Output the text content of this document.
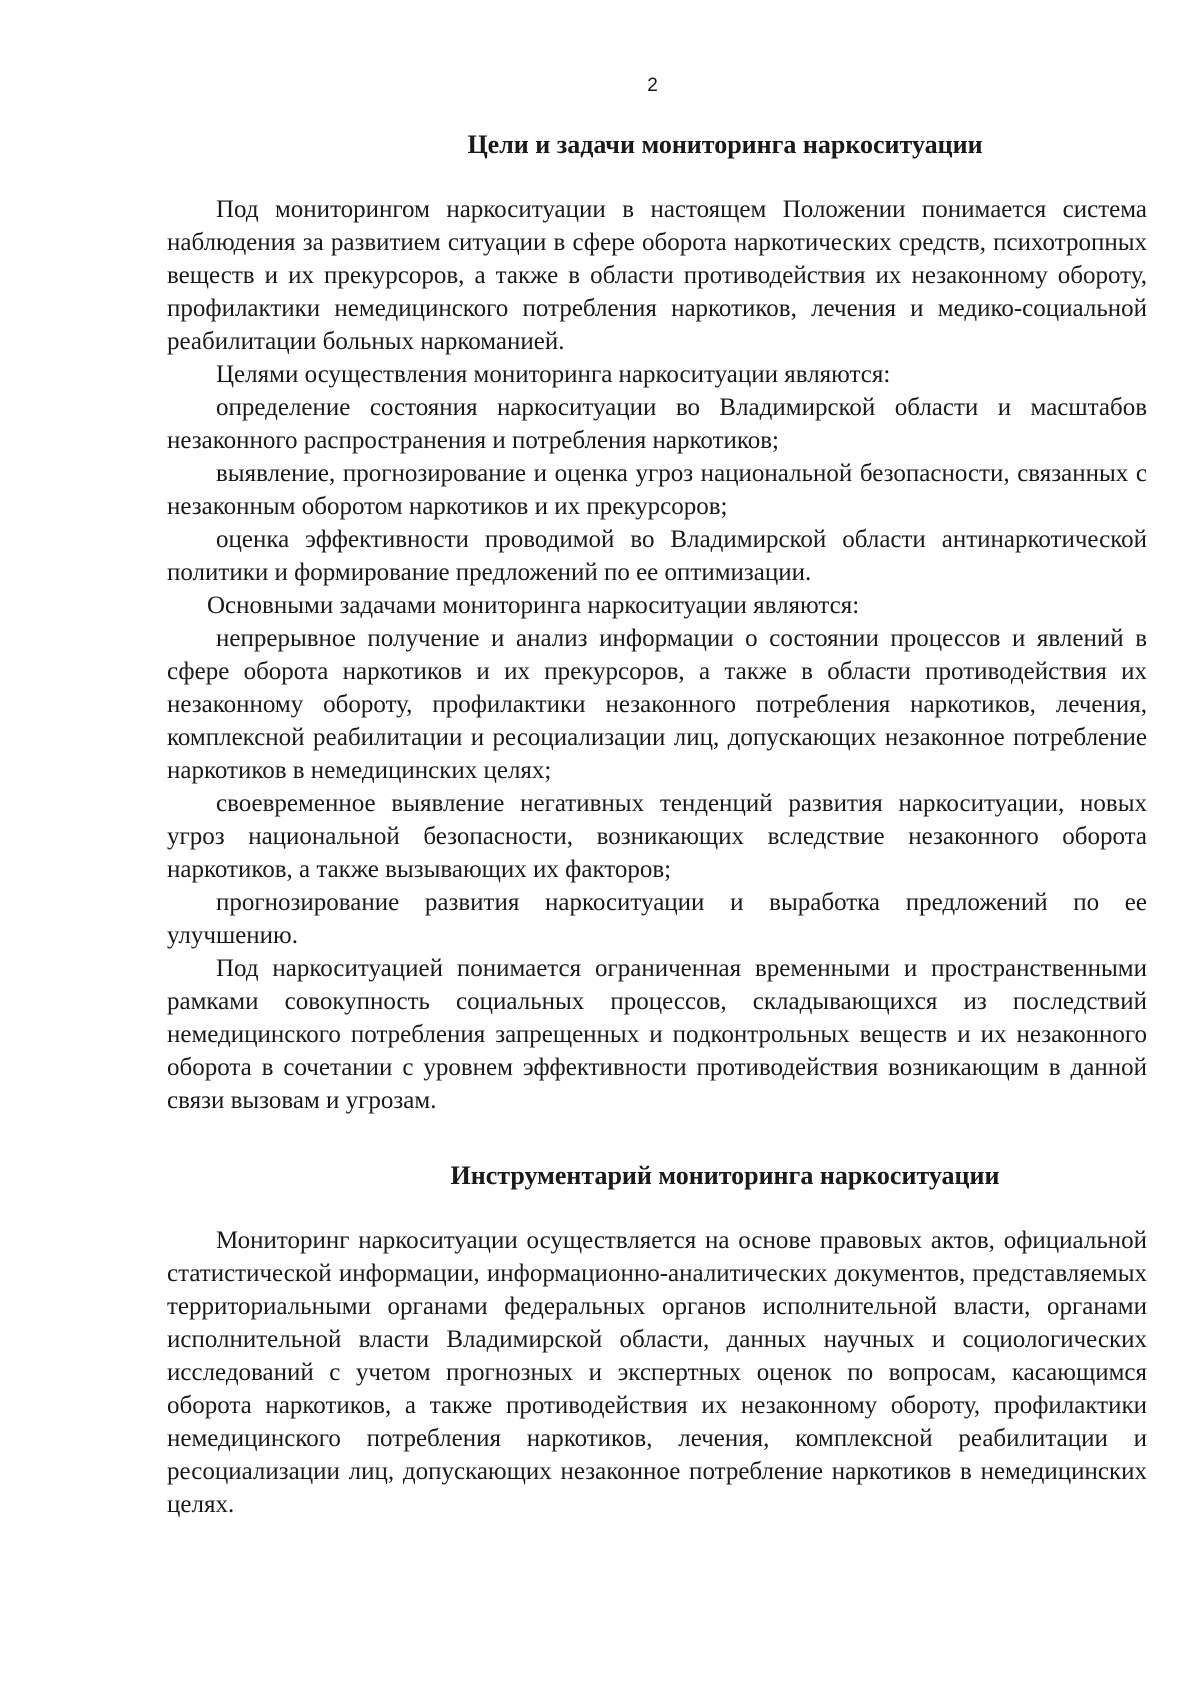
2
Цели и задачи мониторинга наркоситуации

Под мониторингом наркоситуации в настоящем Положении понимается система наблюдения за развитием ситуации в сфере оборота наркотических средств, психотропных веществ и их прекурсоров, а также в области противодействия их незаконному обороту, профилактики немедицинского потребления наркотиков, лечения и медико-социальной реабилитации больных наркоманией.

Целями осуществления мониторинга наркоситуации являются:

определение состояния наркоситуации во Владимирской области и масштабов незаконного распространения и потребления наркотиков;

выявление, прогнозирование и оценка угроз национальной безопасности, связанных с незаконным оборотом наркотиков и их прекурсоров;

оценка эффективности проводимой во Владимирской области антинаркотической политики и формирование предложений по ее оптимизации.

Основными задачами мониторинга наркоситуации являются:

непрерывное получение и анализ информации о состоянии процессов и явлений в сфере оборота наркотиков и их прекурсоров, а также в области противодействия их незаконному обороту, профилактики незаконного потребления наркотиков, лечения, комплексной реабилитации и ресоциализации лиц, допускающих незаконное потребление наркотиков в немедицинских целях;

своевременное выявление негативных тенденций развития наркоситуации, новых угроз национальной безопасности, возникающих вследствие незаконного оборота наркотиков, а также вызывающих их факторов;

прогнозирование развития наркоситуации и выработка предложений по ее улучшению.

Под наркоситуацией понимается ограниченная временными и пространственными рамками совокупность социальных процессов, складывающихся из последствий немедицинского потребления запрещенных и подконтрольных веществ и их незаконного оборота в сочетании с уровнем эффективности противодействия возникающим в данной связи вызовам и угрозам.

Инструментарий мониторинга наркоситуации

Мониторинг наркоситуации осуществляется на основе правовых актов, официальной статистической информации, информационно-аналитических документов, представляемых территориальными органами федеральных органов исполнительной власти, органами исполнительной власти Владимирской области, данных научных и социологических исследований с учетом прогнозных и экспертных оценок по вопросам, касающимся оборота наркотиков, а также противодействия их незаконному обороту, профилактики немедицинского потребления наркотиков, лечения, комплексной реабилитации и ресоциализации лиц, допускающих незаконное потребление наркотиков в немедицинских целях.
